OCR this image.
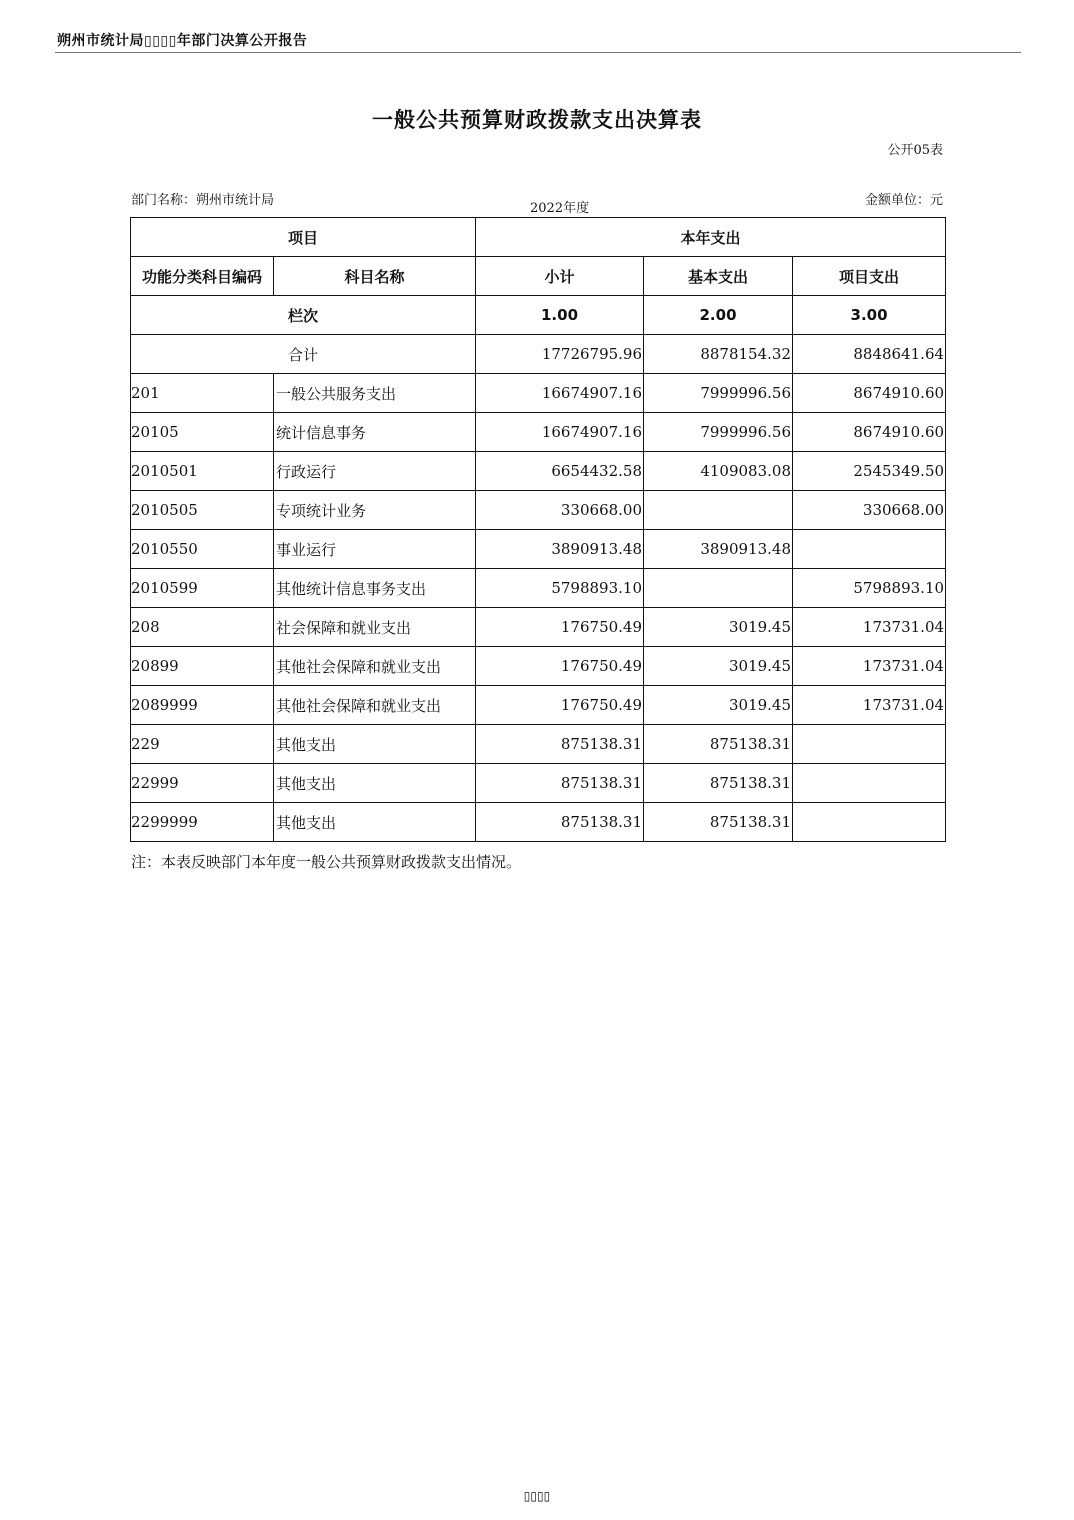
朔州市统计局▯▯▯▯年部门决算公开报告
一般公共预算财政拨款支出决算表
公开05表
部门名称：朔州市统计局
2022年度
金额单位：元
项目		本年支出		
功能分类科目编码	科目名称	小计	基本支出	项目支出
栏次		1.00	2.00	3.00
合计		17726795.96	8878154.32	8848641.64
201	一般公共服务支出	16674907.16	7999996.56	8674910.60
20105	统计信息事务	16674907.16	7999996.56	8674910.60
2010501	行政运行	6654432.58	4109083.08	2545349.50
2010505	专项统计业务	330668.00		330668.00
2010550	事业运行	3890913.48	3890913.48	
2010599	其他统计信息事务支出	5798893.10		5798893.10
208	社会保障和就业支出	176750.49	3019.45	173731.04
20899	其他社会保障和就业支出	176750.49	3019.45	173731.04
2089999	其他社会保障和就业支出	176750.49	3019.45	173731.04
229	其他支出	875138.31	875138.31	
22999	其他支出	875138.31	875138.31	
2299999	其他支出	875138.31	875138.31	
注：本表反映部门本年度一般公共预算财政拨款支出情况。
▯▯▯▯
